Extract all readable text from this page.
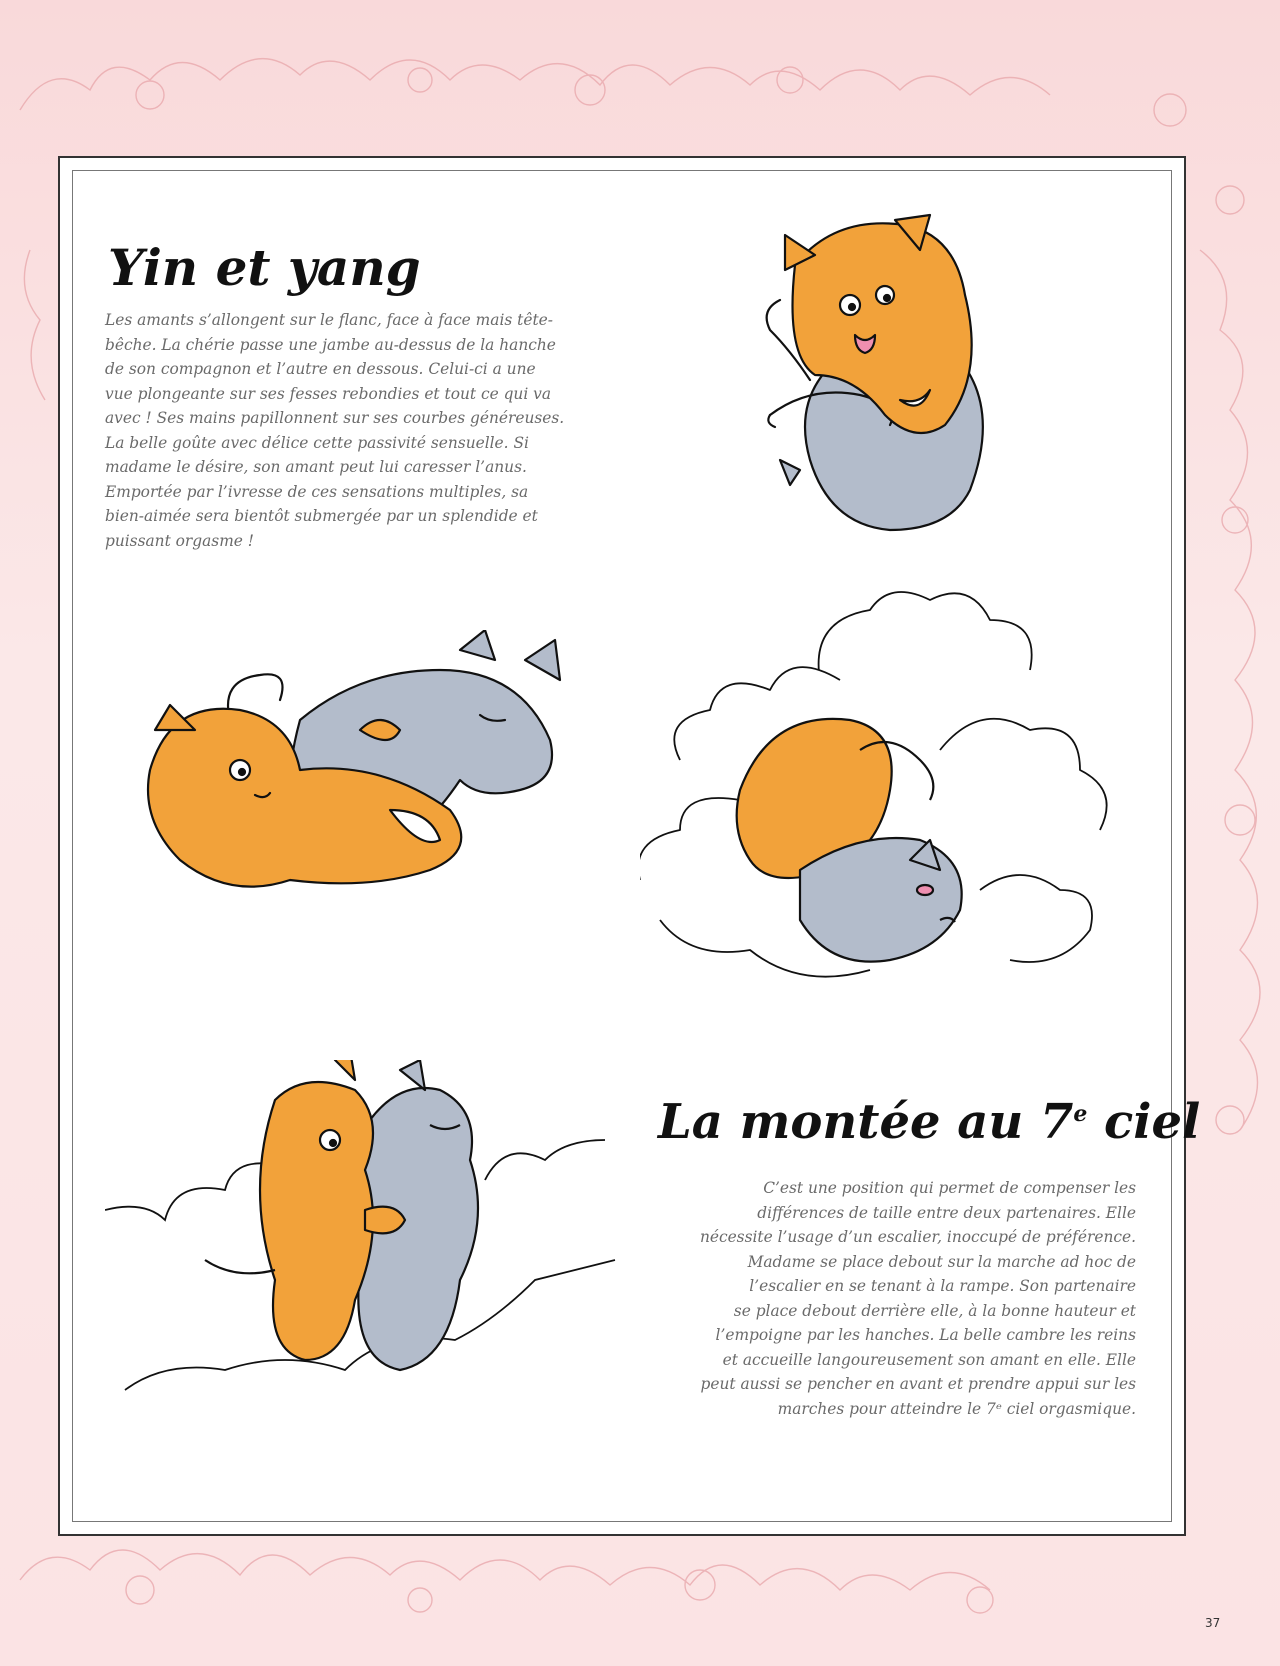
Yin et yang
Les amants s’allongent sur le flanc, face à face mais tête-
bêche. La chérie passe une jambe au-dessus de la hanche
de son compagnon et l’autre en dessous. Celui-ci a une
vue plongeante sur ses fesses rebondies et tout ce qui va
avec ! Ses mains papillonnent sur ses courbes généreuses.
La belle goûte avec délice cette passivité sensuelle. Si
madame le désire, son amant peut lui caresser l’anus.
Emportée par l’ivresse de ces sensations multiples, sa
bien-aimée sera bientôt submergée par un splendide et
puissant orgasme !
La montée au 7e ciel
C’est une position qui permet de compenser les
différences de taille entre deux partenaires. Elle
nécessite l’usage d’un escalier, inoccupé de préférence.
Madame se place debout sur la marche ad hoc de
l’escalier en se tenant à la rampe. Son partenaire
se place debout derrière elle, à la bonne hauteur et
l’empoigne par les hanches. La belle cambre les reins
et accueille langoureusement son amant en elle. Elle
peut aussi se pencher en avant et prendre appui sur les
marches pour atteindre le 7ᵉ ciel orgasmique.
37
